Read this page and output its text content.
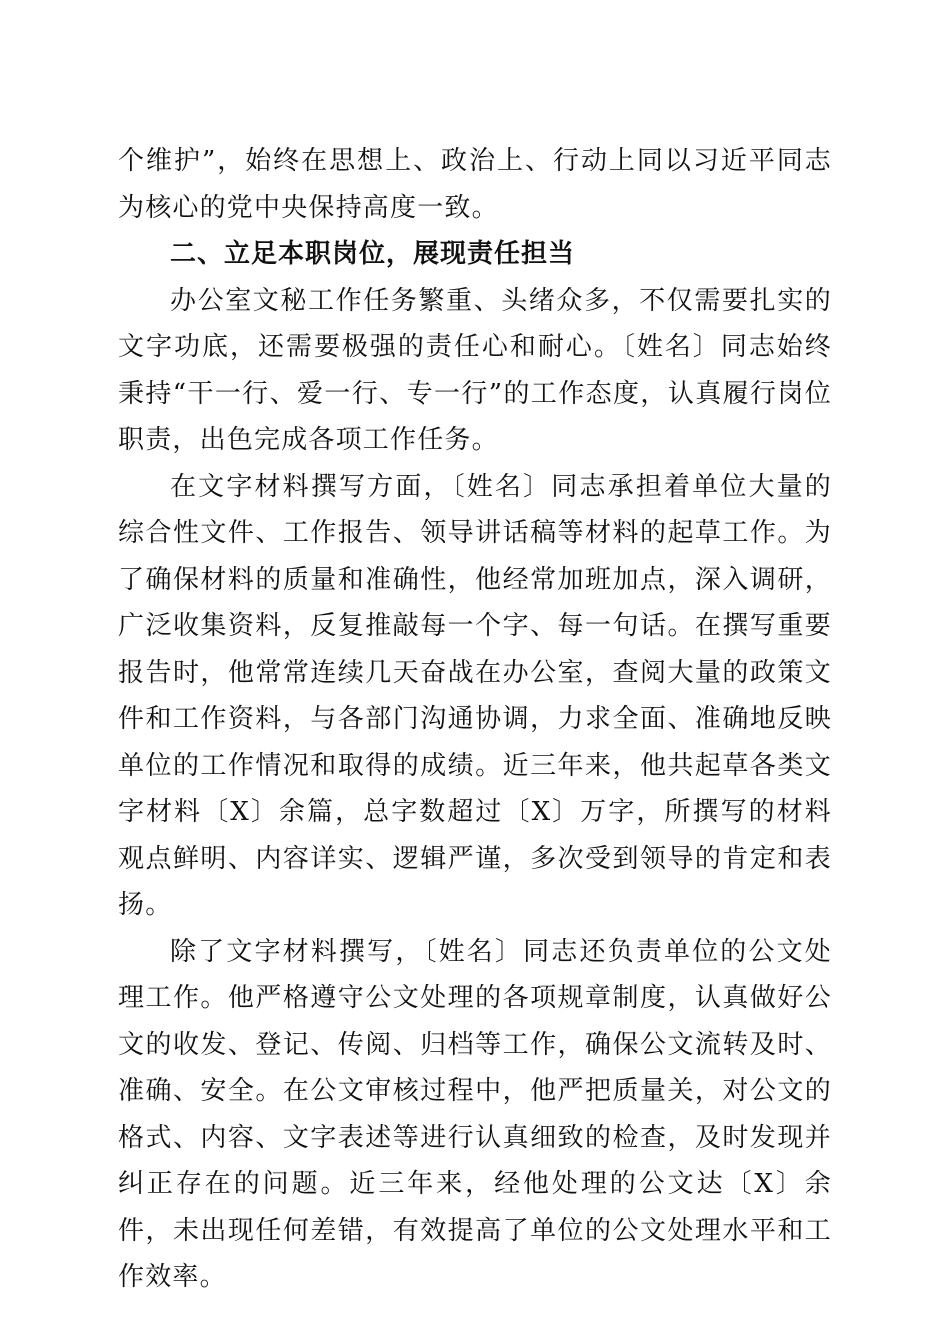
个维护”，始终在思想上、政治上、行动上同以习近平同志为核心的党中央保持高度一致。

二、立足本职岗位，展现责任担当

办公室文秘工作任务繁重、头绪众多，不仅需要扎实的文字功底，还需要极强的责任心和耐心。〔姓名〕同志始终秉持“干一行、爱一行、专一行”的工作态度，认真履行岗位职责，出色完成各项工作任务。

在文字材料撰写方面，〔姓名〕同志承担着单位大量的综合性文件、工作报告、领导讲话稿等材料的起草工作。为了确保材料的质量和准确性，他经常加班加点，深入调研，广泛收集资料，反复推敲每一个字、每一句话。在撰写重要报告时，他常常连续几天奋战在办公室，查阅大量的政策文件和工作资料，与各部门沟通协调，力求全面、准确地反映单位的工作情况和取得的成绩。近三年来，他共起草各类文字材料〔X〕余篇，总字数超过〔X〕万字，所撰写的材料观点鲜明、内容详实、逻辑严谨，多次受到领导的肯定和表扬。

除了文字材料撰写，〔姓名〕同志还负责单位的公文处理工作。他严格遵守公文处理的各项规章制度，认真做好公文的收发、登记、传阅、归档等工作，确保公文流转及时、准确、安全。在公文审核过程中，他严把质量关，对公文的格式、内容、文字表述等进行认真细致的检查，及时发现并纠正存在的问题。近三年来，经他处理的公文达〔X〕余件，未出现任何差错，有效提高了单位的公文处理水平和工作效率。
